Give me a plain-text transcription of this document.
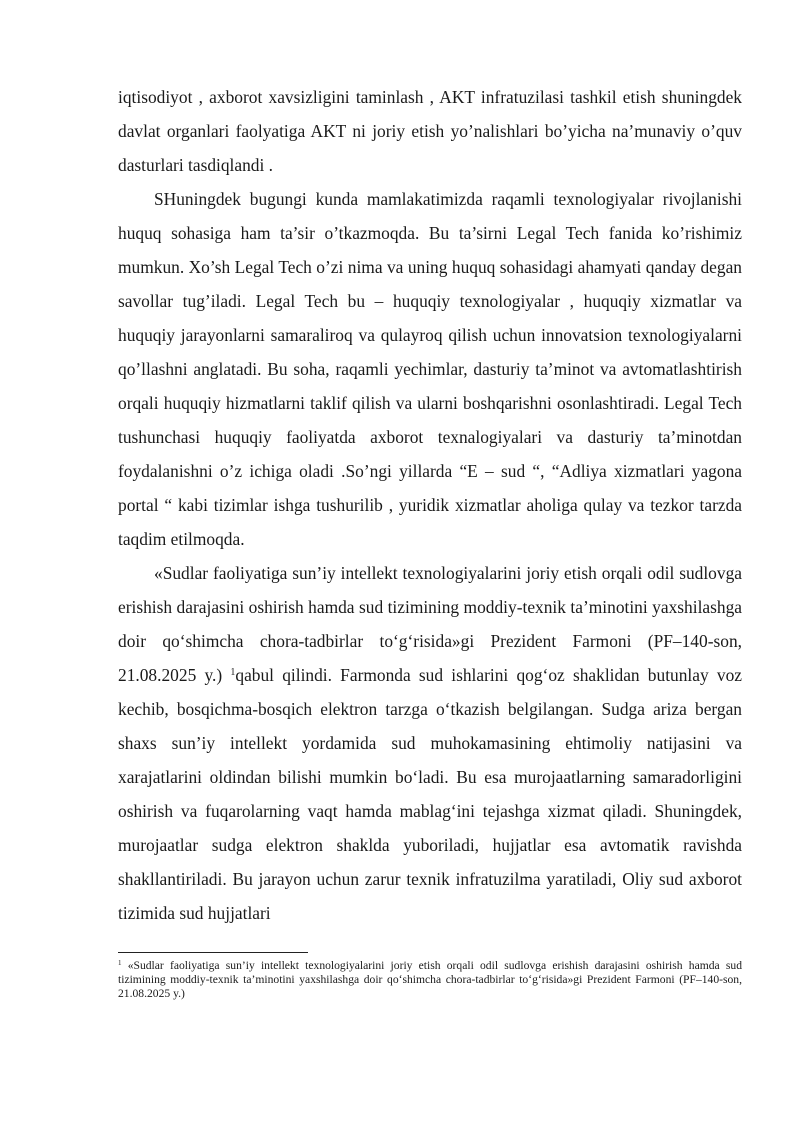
iqtisodiyot , axborot xavsizligini taminlash , AKT infratuzilasi tashkil etish shuningdek davlat organlari faolyatiga AKT ni joriy etish yo’nalishlari bo’yicha na’munaviy o’quv dasturlari tasdiqlandi .

SHuningdek bugungi kunda mamlakatimizda raqamli texnologiyalar rivojlanishi huquq sohasiga ham ta’sir o’tkazmoqda. Bu ta’sirni Legal Tech fanida ko’rishimiz mumkun. Xo’sh Legal Tech o’zi nima va uning huquq sohasidagi ahamyati qanday degan savollar tug’iladi. Legal Tech bu – huquqiy texnologiyalar , huquqiy xizmatlar va huquqiy jarayonlarni samaraliroq va qulayroq qilish uchun innovatsion texnologiyalarni qo’llashni anglatadi. Bu soha, raqamli yechimlar, dasturiy ta’minot va avtomatlashtirish orqali huquqiy hizmatlarni taklif qilish va ularni boshqarishni osonlashtiradi. Legal Tech tushunchasi huquqiy faoliyatda axborot texnalogiyalari va dasturiy ta’minotdan foydalanishni o’z ichiga oladi .So’ngi yillarda “E – sud “, “Adliya xizmatlari yagona portal “ kabi tizimlar ishga tushurilib , yuridik xizmatlar aholiga qulay va tezkor tarzda taqdim etilmoqda.

«Sudlar faoliyatiga sun’iy intellekt texnologiyalarini joriy etish orqali odil sudlovga erishish darajasini oshirish hamda sud tizimining moddiy-texnik ta’minotini yaxshilashga doir qo‘shimcha chora-tadbirlar to‘g‘risida»gi Prezident Farmoni (PF–140-son, 21.08.2025 y.) $^1$qabul qilindi. Farmonda sud ishlarini qog‘oz shaklidan butunlay voz kechib, bosqichma-bosqich elektron tarzga o‘tkazish belgilangan. Sudga ariza bergan shaxs sun’iy intellekt yordamida sud muhokamasining ehtimoliy natijasini va xarajatlarini oldindan bilishi mumkin bo‘ladi. Bu esa murojaatlarning samaradorligini oshirish va fuqarolarning vaqt hamda mablag‘ini tejashga xizmat qiladi. Shuningdek, murojaatlar sudga elektron shaklda yuboriladi, hujjatlar esa avtomatik ravishda shakllantiriladi. Bu jarayon uchun zarur texnik infratuzilma yaratiladi, Oliy sud axborot tizimida sud hujjatlari

$^1$ «Sudlar faoliyatiga sun’iy intellekt texnologiyalarini joriy etish orqali odil sudlovga erishish darajasini oshirish hamda sud tizimining moddiy-texnik ta’minotini yaxshilashga doir qo‘shimcha chora-tadbirlar to‘g‘risida»gi Prezident Farmoni (PF–140-son, 21.08.2025 y.)
